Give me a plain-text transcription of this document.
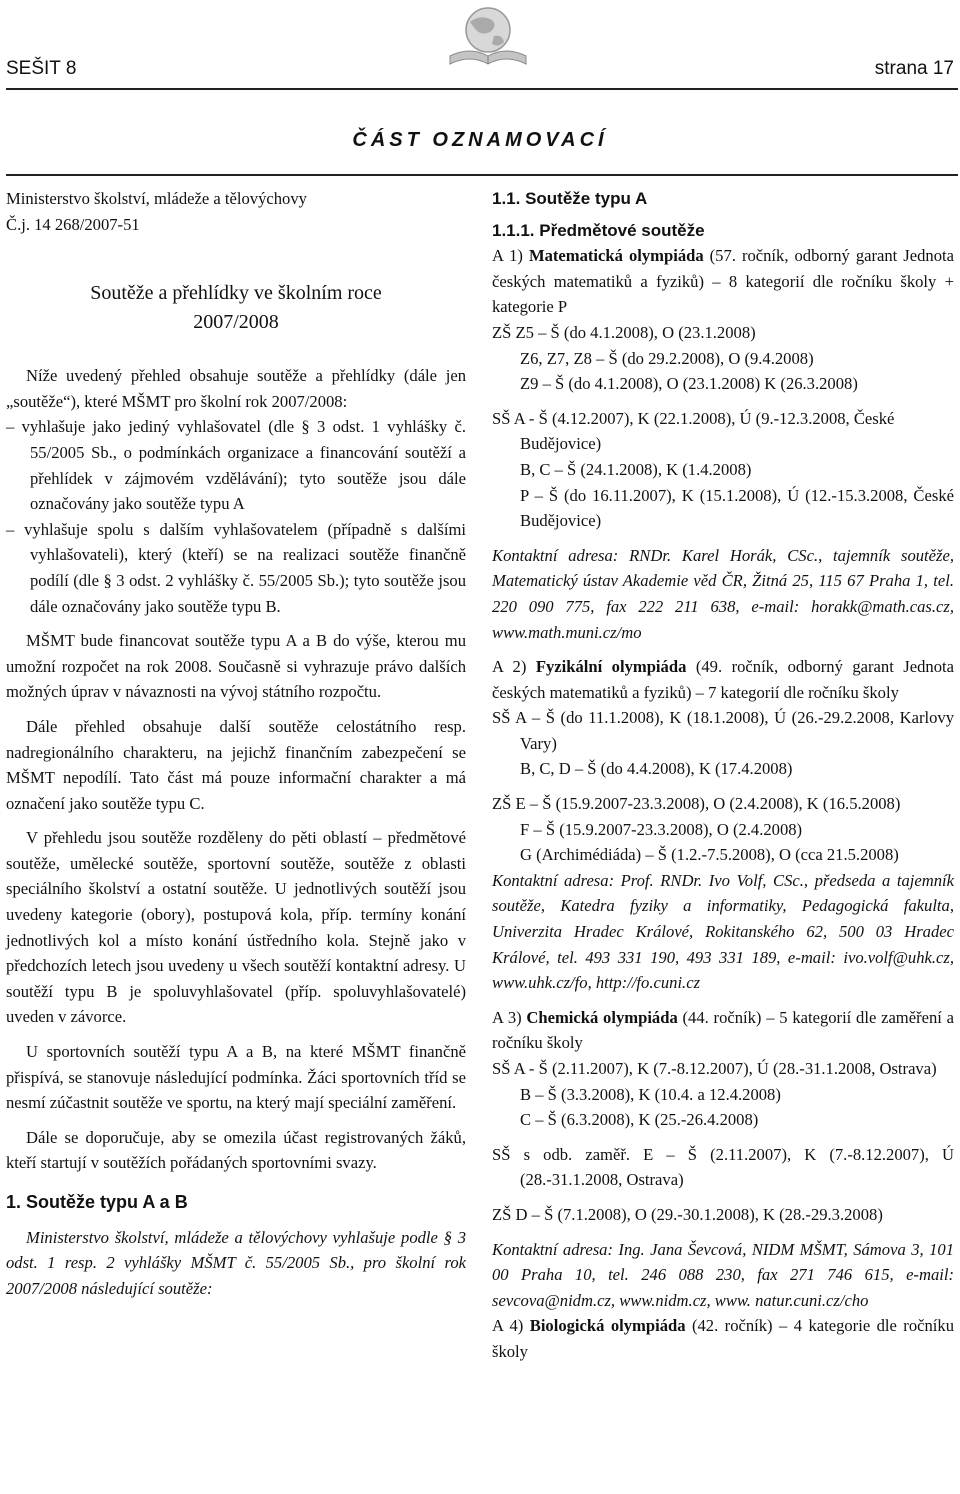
SEŠIT 8	strana 17
ČÁST OZNAMOVACÍ

Ministerstvo školství, mládeže a tělovýchovy

Č.j. 14 268/2007-51

Soutěže a přehlídky ve školním roce

2007/2008

Níže uvedený přehled obsahuje soutěže a přehlídky (dále jen „soutěže“), které MŠMT pro školní rok 2007/2008:

– vyhlašuje jako jediný vyhlašovatel (dle § 3 odst. 1 vyhlášky č. 55/2005 Sb., o podmínkách organizace a financování soutěží a přehlídek v zájmovém vzdělávání); tyto soutěže jsou dále označovány jako soutěže typu A

– vyhlašuje spolu s dalším vyhlašovatelem (případně s dalšími vyhlašovateli), který (kteří) se na realizaci soutěže finančně podílí (dle § 3 odst. 2 vyhlášky č. 55/2005 Sb.); tyto soutěže jsou dále označovány jako soutěže typu B.

MŠMT bude financovat soutěže typu A a B do výše, kterou mu umožní rozpočet na rok 2008. Současně si vyhrazuje právo dalších možných úprav v návaznosti na vývoj státního rozpočtu.

Dále přehled obsahuje další soutěže celostátního resp. nadregionálního charakteru, na jejichž finančním zabezpečení se MŠMT nepodílí. Tato část má pouze informační charakter a má označení jako soutěže typu C.

V přehledu jsou soutěže rozděleny do pěti oblastí – předmětové soutěže, umělecké soutěže, sportovní soutěže, soutěže z oblasti speciálního školství a ostatní soutěže. U jednotlivých soutěží jsou uvedeny kategorie (obory), postupová kola, příp. termíny konání jednotlivých kol a místo konání ústředního kola. Stejně jako v předchozích letech jsou uvedeny u všech soutěží kontaktní adresy. U soutěží typu B je spoluvyhlašovatel (příp. spoluvyhlašovatelé) uveden v závorce.

U sportovních soutěží typu A a B, na které MŠMT finančně přispívá, se stanovuje následující podmínka. Žáci sportovních tříd se nesmí zúčastnit soutěže ve sportu, na který mají speciální zaměření.

Dále se doporučuje, aby se omezila účast registrovaných žáků, kteří startují v soutěžích pořádaných sportovními svazy.

1. Soutěže typu A a B

Ministerstvo školství, mládeže a tělovýchovy vyhlašuje podle § 3 odst. 1 resp. 2 vyhlášky MŠMT č. 55/2005 Sb., pro školní rok 2007/2008 následující soutěže:

1.1. Soutěže typu A

1.1.1. Předmětové soutěže

A 1) Matematická olympiáda (57. ročník, odborný garant Jednota českých matematiků a fyziků) – 8 kategorií dle ročníku školy + kategorie P

ZŠ Z5 – Š (do 4.1.2008), O (23.1.2008)

Z6, Z7, Z8 – Š (do 29.2.2008), O (9.4.2008)

Z9 – Š (do 4.1.2008), O (23.1.2008) K (26.3.2008)

SŠ A - Š (4.12.2007), K (22.1.2008), Ú (9.-12.3.2008, České Budějovice)

B, C – Š (24.1.2008), K (1.4.2008)

P – Š (do 16.11.2007), K (15.1.2008), Ú (12.-15.3.2008, České Budějovice)

Kontaktní adresa: RNDr. Karel Horák, CSc., tajemník soutěže, Matematický ústav Akademie věd ČR, Žitná 25, 115 67 Praha 1, tel. 220 090 775, fax 222 211 638, e-mail: horakk@math.cas.cz, www.math.muni.cz/mo

A 2) Fyzikální olympiáda (49. ročník, odborný garant Jednota českých matematiků a fyziků) – 7 kategorií dle ročníku školy

SŠ A – Š (do 11.1.2008), K (18.1.2008), Ú (26.-29.2.2008, Karlovy Vary)

B, C, D – Š (do 4.4.2008), K (17.4.2008)

ZŠ E – Š (15.9.2007-23.3.2008), O (2.4.2008), K (16.5.2008)

F – Š (15.9.2007-23.3.2008), O (2.4.2008)

G (Archimédiáda) – Š (1.2.-7.5.2008), O (cca 21.5.2008)

Kontaktní adresa: Prof. RNDr. Ivo Volf, CSc., předseda a tajemník soutěže, Katedra fyziky a informatiky, Pedagogická fakulta, Univerzita Hradec Králové, Rokitanského 62, 500 03 Hradec Králové, tel. 493 331 190, 493 331 189, e-mail: ivo.volf@uhk.cz, www.uhk.cz/fo, http://fo.cuni.cz

A 3) Chemická olympiáda (44. ročník) – 5 kategorií dle zaměření a ročníku školy

SŠ A - Š (2.11.2007), K (7.-8.12.2007), Ú (28.-31.1.2008, Ostrava)

B – Š (3.3.2008), K (10.4. a 12.4.2008)

C – Š (6.3.2008), K (25.-26.4.2008)

SŠ s odb. zaměř. E – Š (2.11.2007), K (7.-8.12.2007), Ú (28.-31.1.2008, Ostrava)

ZŠ D – Š (7.1.2008), O (29.-30.1.2008), K (28.-29.3.2008)

Kontaktní adresa: Ing. Jana Ševcová, NIDM MŠMT, Sámova 3, 101 00 Praha 10, tel. 246 088 230, fax 271 746 615, e-mail: sevcova@nidm.cz, www.nidm.cz, www. natur.cuni.cz/cho

A 4) Biologická olympiáda (42. ročník) – 4 kategorie dle ročníku školy
